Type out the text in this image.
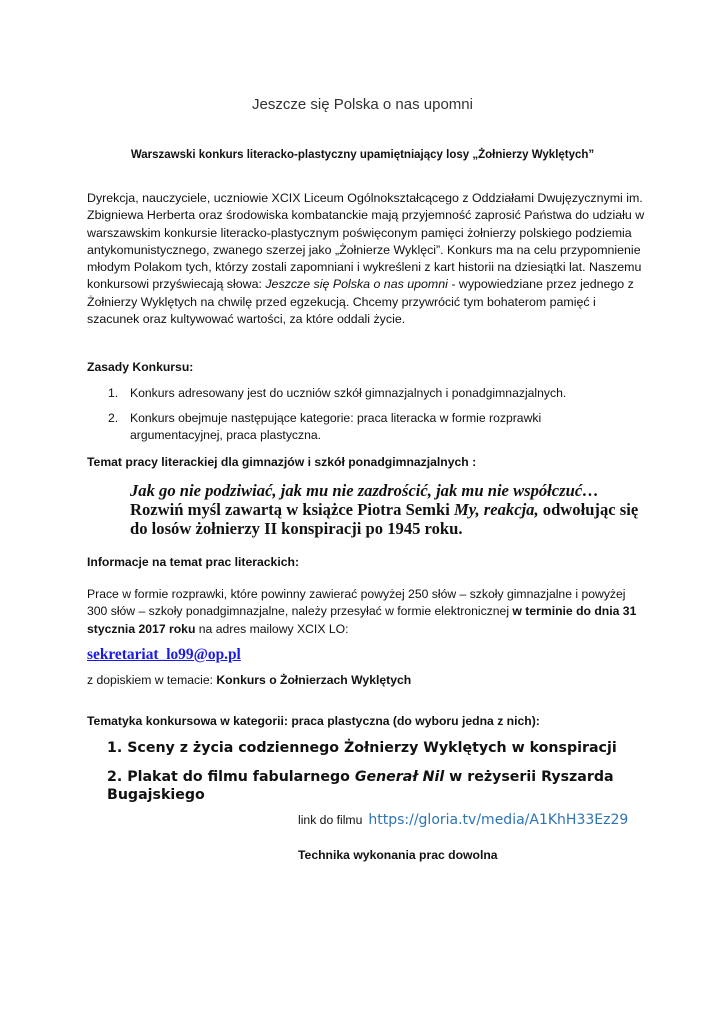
Jeszcze się Polska o nas upomni
Warszawski konkurs literacko-plastyczny upamiętniający losy „Żołnierzy Wyklętych”
Dyrekcja, nauczyciele, uczniowie XCIX Liceum Ogólnokształcącego z Oddziałami Dwujęzycznymi im. Zbigniewa Herberta oraz środowiska kombatanckie mają przyjemność zaprosić Państwa do udziału w warszawskim konkursie literacko-plastycznym poświęconym pamięci żołnierzy polskiego podziemia antykomunistycznego, zwanego szerzej jako „Żołnierze Wyklęci”. Konkurs ma na celu przypomnienie młodym Polakom tych, którzy zostali zapomniani i wykreśleni z kart historii na dziesiątki lat. Naszemu konkursowi przyświecają słowa: Jeszcze się Polska o nas upomni - wypowiedziane przez jednego z Żołnierzy Wyklętych na chwilę przed egzekucją. Chcemy przywrócić tym bohaterom pamięć i szacunek oraz kultywować wartości, za które oddali życie.
Zasady Konkursu:
1. Konkurs adresowany jest do uczniów szkół gimnazjalnych i ponadgimnazjalnych.
2. Konkurs obejmuje następujące kategorie: praca literacka w formie rozprawki argumentacyjnej, praca plastyczna.
Temat pracy literackiej dla gimnazjów i szkół ponadgimnazjalnych :
Jak go nie podziwiać, jak mu nie zazdrościć, jak mu nie współczuć…
Rozwiń myśl zawartą w książce Piotra Semki My, reakcja, odwołując się do losów żołnierzy II konspiracji po 1945 roku.
Informacje na temat prac literackich:
Prace w formie rozprawki, które powinny zawierać powyżej 250 słów – szkoły gimnazjalne i powyżej 300 słów – szkoły ponadgimnazjalne, należy przesyłać w formie elektronicznej w terminie do dnia 31 stycznia 2017 roku na adres mailowy XCIX LO:
sekretariat_lo99@op.pl
z dopiskiem w temacie: Konkurs o Żołnierzach Wyklętych
Tematyka konkursowa w kategorii: praca plastyczna (do wyboru jedna z nich):
1. Sceny z życia codziennego Żołnierzy Wyklętych w konspiracji
2. Plakat do filmu fabularnego Generał Nil w reżyserii Ryszarda Bugajskiego
link do filmu https://gloria.tv/media/A1KhH33Ez29
Technika wykonania prac dowolna
